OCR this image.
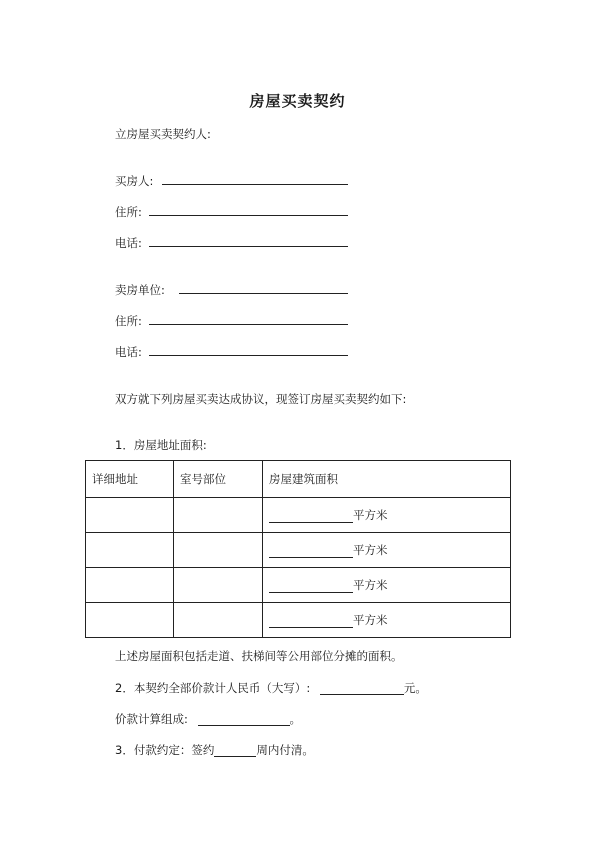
房屋买卖契约
立房屋买卖契约人:
买房人:
住所:
电话:
卖房单位:
住所:
电话:
双方就下列房屋买卖达成协议，现签订房屋买卖契约如下:
1．房屋地址面积:
详细地址	室号部位	房屋建筑面积
		平方米
		平方米
		平方米
		平方米
上述房屋面积包括走道、扶梯间等公用部位分摊的面积。
2．本契约全部价款计人民币（大写）:	元。
价款计算组成:	。
3．付款约定：签约	周内付清。
